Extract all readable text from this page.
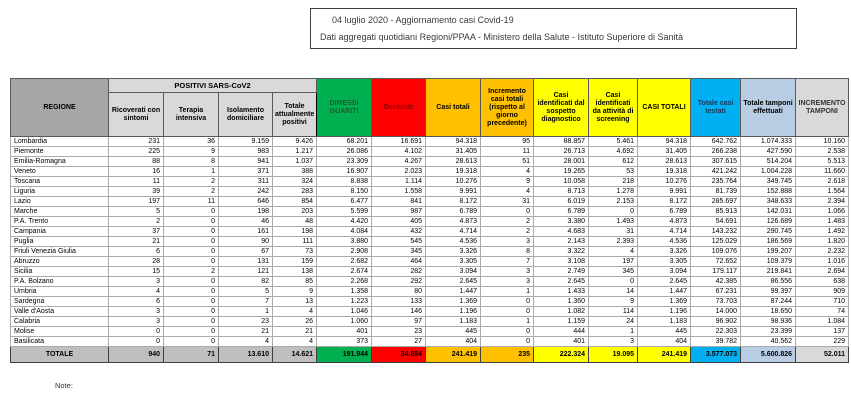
04 luglio 2020 - Aggiornamento casi Covid-19
Dati aggregati quotidiani Regioni/PPAA - Ministero della Salute - Istituto Superiore di Sanità
REGIONE	POSITIVI SARS-CoV2				DIMESSI GUARITI	Deceduti	Casi totali	Incremento casi totali (rispetto al giorno precedente)	Casi identificati dal sospetto diagnostico	Casi identificati da attività di screening	CASI TOTALI	Totale casi testati	Totale tamponi effettuati	INCREMENTO TAMPONI
	Ricoverati con sintomi	Terapia intensiva	Isolamento domiciliare	Totale attualmente positivi										
Lombardia	231	36	9.159	9.426	68.201	16.691	94.318	95	88.857	5.461	94.318	642.762	1.074.333	10.160
Piemonte	225	9	983	1.217	26.086	4.102	31.405	11	26.713	4.692	31.405	266.238	427.590	2.538
Emilia-Romagna	88	8	941	1.037	23.309	4.267	28.613	51	28.001	612	28.613	307.615	514.204	5.513
Veneto	16	1	371	388	16.907	2.023	19.318	4	19.265	53	19.318	421.242	1.004.228	11.660
Toscana	11	2	311	324	8.838	1.114	10.276	9	10.058	218	10.276	235.764	349.745	2.618
Liguria	39	2	242	283	8.150	1.558	9.991	4	8.713	1.278	9.991	81.739	152.888	1.564
Lazio	197	11	646	854	6.477	841	8.172	31	6.019	2.153	8.172	285.697	348.633	2.394
Marche	5	0	198	203	5.599	987	6.789	0	6.789	0	6.789	85.913	142.031	1.066
P.A. Trento	2	0	46	48	4.420	405	4.873	2	3.380	1.493	4.873	54.691	126.689	1.483
Campania	37	0	161	198	4.084	432	4.714	2	4.683	31	4.714	143.232	290.745	1.492
Puglia	21	0	90	111	3.880	545	4.536	3	2.143	2.393	4.536	125.029	186.569	1.820
Friuli Venezia Giulia	6	0	67	73	2.908	345	3.326	8	3.322	4	3.326	109.076	199.207	2.232
Abruzzo	28	0	131	159	2.682	464	3.305	7	3.108	197	3.305	72.652	109.379	1.016
Sicilia	15	2	121	138	2.674	282	3.094	3	2.749	345	3.094	179.117	219.841	2.694
P.A. Bolzano	3	0	82	85	2.268	292	2.645	3	2.645	0	2.645	42.385	86.556	638
Umbria	4	0	5	9	1.358	80	1.447	1	1.433	14	1.447	67.231	99.397	909
Sardegna	6	0	7	13	1.223	133	1.369	0	1.360	9	1.369	73.703	87.244	710
Valle d'Aosta	3	0	1	4	1.046	146	1.196	0	1.082	114	1.196	14.000	18.650	74
Calabria	3	0	23	26	1.060	97	1.183	1	1.159	24	1.183	96.902	98.936	1.084
Molise	0	0	21	21	401	23	445	0	444	1	445	22.303	23.399	137
Basilicata	0	0	4	4	373	27	404	0	401	3	404	39.782	40.562	229
TOTALE	940	71	13.610	14.621	191.944	34.854	241.419	235	222.324	19.095	241.419	3.577.073	5.600.826	52.011
Note:
